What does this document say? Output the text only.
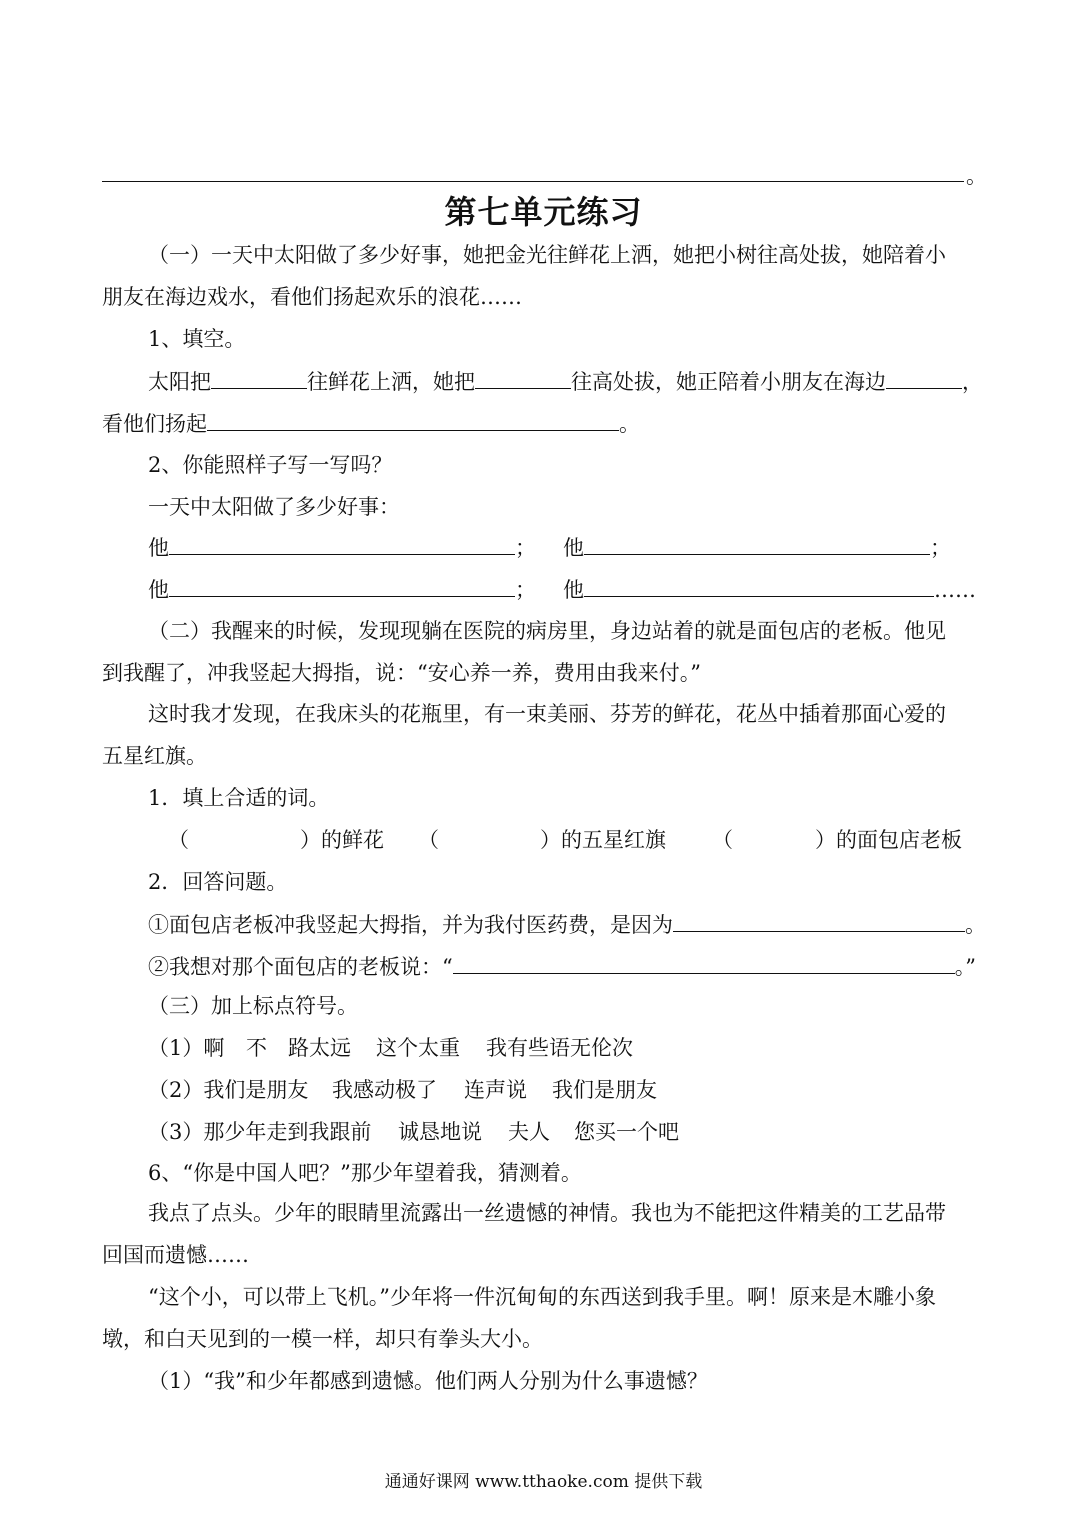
。
第七单元练习
（一）一天中太阳做了多少好事，她把金光往鲜花上洒，她把小树往高处拔，她陪着小
朋友在海边戏水，看他们扬起欢乐的浪花……
1、填空。
太阳把	往鲜花上洒，她把	往高处拔，她正陪着小朋友在海边	，
看他们扬起	。
2、你能照样子写一写吗？
一天中太阳做了多少好事：
他	； 他	；
他	； 他	……
（二）我醒来的时候，发现现躺在医院的病房里，身边站着的就是面包店的老板。他见
到我醒了，冲我竖起大拇指，说：“安心养一养，费用由我来付。”
这时我才发现，在我床头的花瓶里，有一束美丽、芬芳的鲜花，花丛中插着那面心爱的
五星红旗。
1．填上合适的词。
（	）的鲜花 （	）的五星红旗 （	）的面包店老板
2．回答问题。
①面包店老板冲我竖起大拇指，并为我付医药费，是因为	。
②我想对那个面包店的老板说：“	。”
（三）加上标点符号。
（1）啊 不 路太远 这个太重 我有些语无伦次
（2）我们是朋友 我感动极了 连声说 我们是朋友
（3）那少年走到我跟前 诚恳地说 夫人 您买一个吧
6、“你是中国人吧？”那少年望着我，猜测着。
我点了点头。少年的眼睛里流露出一丝遗憾的神情。我也为不能把这件精美的工艺品带
回国而遗憾……
“这个小，可以带上飞机。”少年将一件沉甸甸的东西送到我手里。啊！原来是木雕小象
墩，和白天见到的一模一样，却只有拳头大小。
（1）“我”和少年都感到遗憾。他们两人分别为什么事遗憾？
通通好课网 www.tthaoke.com 提供下载
